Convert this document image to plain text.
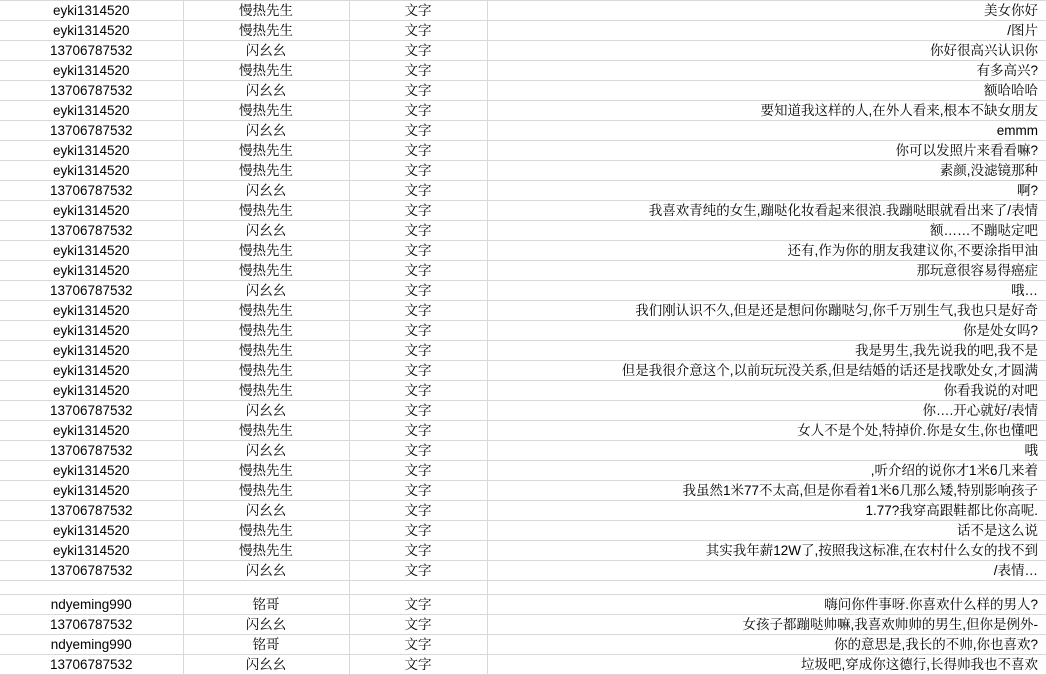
eyki1314520	慢热先生	文字	美女你好
eyki1314520	慢热先生	文字	/图片
13706787532	闪幺幺	文字	你好很高兴认识你
eyki1314520	慢热先生	文字	有多高兴?
13706787532	闪幺幺	文字	额哈哈哈
eyki1314520	慢热先生	文字	要知道我这样的人,在外人看来,根本不缺女朋友
13706787532	闪幺幺	文字	emmm
eyki1314520	慢热先生	文字	你可以发照片来看看嘛?
eyki1314520	慢热先生	文字	素颜,没滤镜那种
13706787532	闪幺幺	文字	啊?
eyki1314520	慢热先生	文字	我喜欢青纯的女生,蹦哒化妆看起来很浪.我蹦哒眼就看出来了/表情
13706787532	闪幺幺	文字	额……不蹦哒定吧
eyki1314520	慢热先生	文字	还有,作为你的朋友我建议你,不要涂指甲油
eyki1314520	慢热先生	文字	那玩意很容易得癌症
13706787532	闪幺幺	文字	哦…
eyki1314520	慢热先生	文字	我们刚认识不久,但是还是想问你蹦哒匀,你千万别生气,我也只是好奇
eyki1314520	慢热先生	文字	你是处女吗?
eyki1314520	慢热先生	文字	我是男生,我先说我的吧,我不是
eyki1314520	慢热先生	文字	但是我很介意这个,以前玩玩没关系,但是结婚的话还是找歌处女,才圆满
eyki1314520	慢热先生	文字	你看我说的对吧
13706787532	闪幺幺	文字	你….开心就好/表情
eyki1314520	慢热先生	文字	女人不是个处,特掉价.你是女生,你也懂吧
13706787532	闪幺幺	文字	哦
eyki1314520	慢热先生	文字	,听介绍的说你才1米6几来着
eyki1314520	慢热先生	文字	我虽然1米77不太高,但是你看着1米6几那么矮,特别影响孩子
13706787532	闪幺幺	文字	1.77?我穿高跟鞋都比你高呢.
eyki1314520	慢热先生	文字	话不是这么说
eyki1314520	慢热先生	文字	其实我年薪12W了,按照我这标准,在农村什么女的找不到
13706787532	闪幺幺	文字	/表情…

ndyeming990	铭哥	文字	嗨问你件事呀.你喜欢什么样的男人?
13706787532	闪幺幺	文字	女孩子都蹦哒帅嘛,我喜欢帅帅的男生,但你是例外-
ndyeming990	铭哥	文字	你的意思是,我长的不帅,你也喜欢?
13706787532	闪幺幺	文字	垃圾吧,穿成你这德行,长得帅我也不喜欢
